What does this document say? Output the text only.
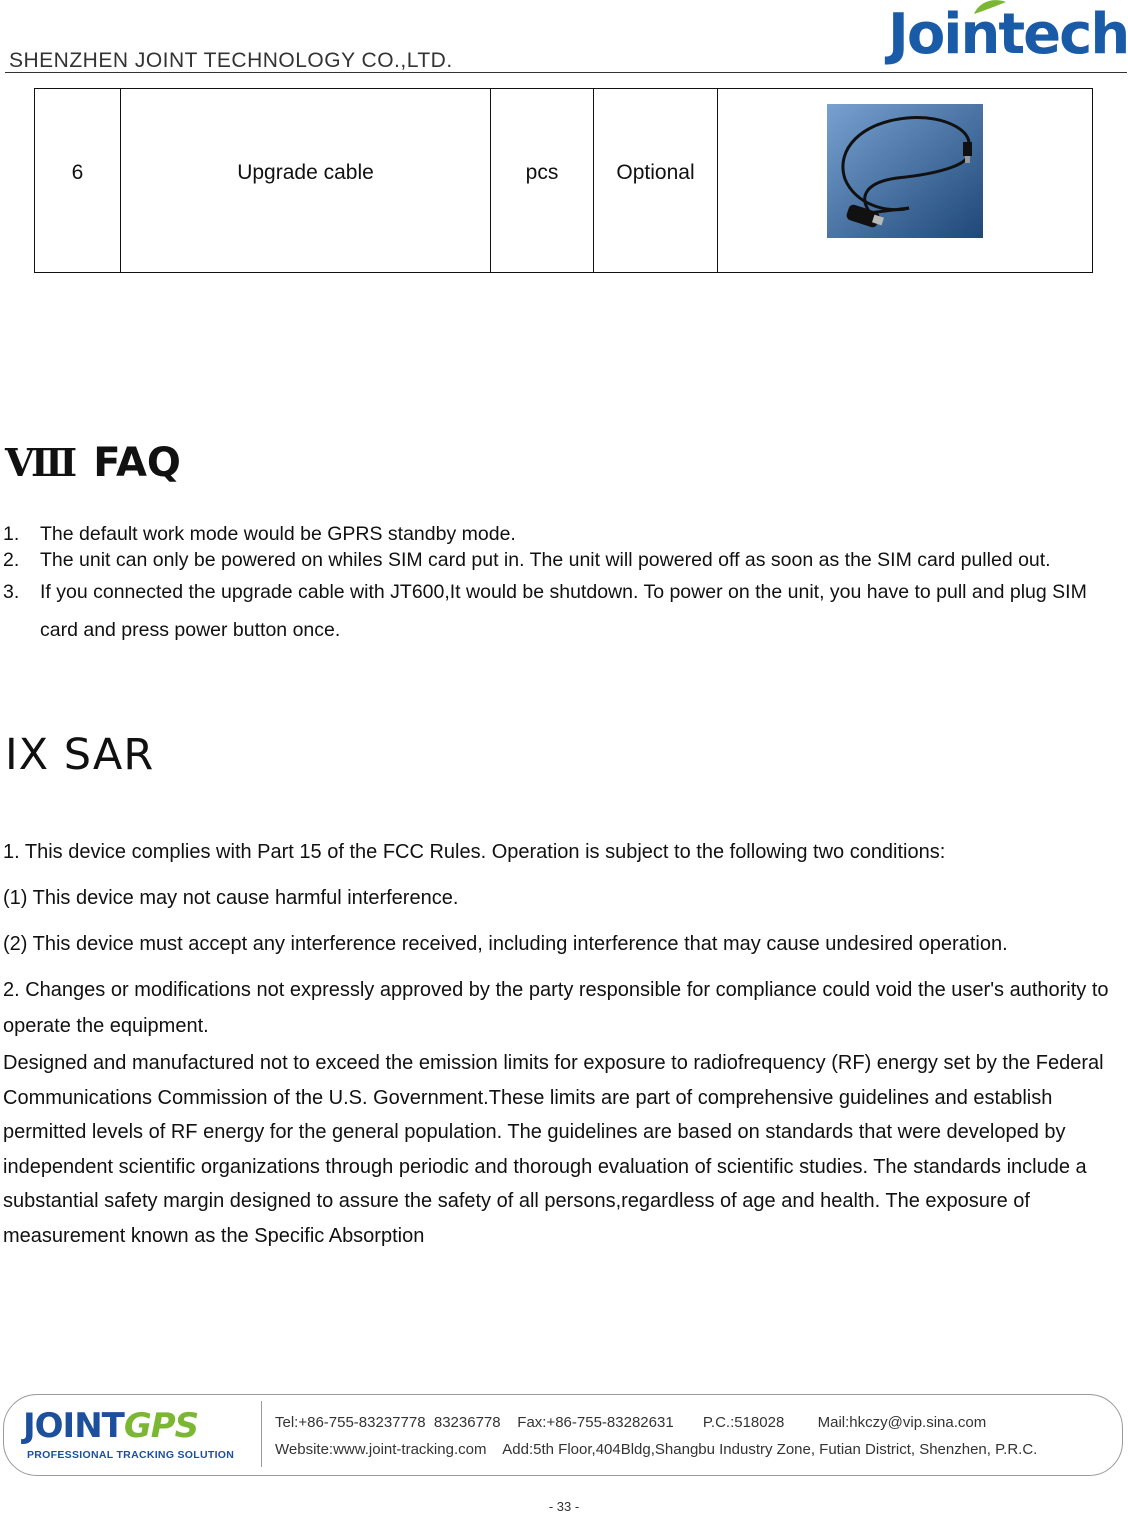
SHENZHEN JOINT TECHNOLOGY CO.,LTD.	Jointech
6	Upgrade cable	pcs	Optional

Ⅷ FAQ
1. The default work mode would be GPRS standby mode.
2. The unit can only be powered on whiles SIM card put in. The unit will powered off as soon as the SIM card pulled out.
3. If you connected the upgrade cable with JT600,It would be shutdown. To power on the unit, you have to pull and plug SIM card and press power button once.
IX SAR

1. This device complies with Part 15 of the FCC Rules. Operation is subject to the following two conditions:

(1) This device may not cause harmful interference.

(2) This device must accept any interference received, including interference that may cause undesired operation.

2. Changes or modifications not expressly approved by the party responsible for compliance could void the user's authority to operate the equipment.

Designed and manufactured not to exceed the emission limits for exposure to radiofrequency (RF) energy set by the Federal Communications Commission of the U.S. Government.These limits are part of comprehensive guidelines and establish permitted levels of RF energy for the general population. The guidelines are based on standards that were developed by independent scientific organizations through periodic and thorough evaluation of scientific studies. The standards include a substantial safety margin designed to assure the safety of all persons,regardless of age and health. The exposure of measurement known as the Specific Absorption

JOINTGPS
PROFESSIONAL TRACKING SOLUTION
Tel:+86-755-83237778  83236778    Fax:+86-755-83282631       P.C.:518028        Mail:hkczy@vip.sina.com
Website:www.joint-tracking.com    Add:5th Floor,404Bldg,Shangbu Industry Zone, Futian District, Shenzhen, P.R.C.
- 33 -
